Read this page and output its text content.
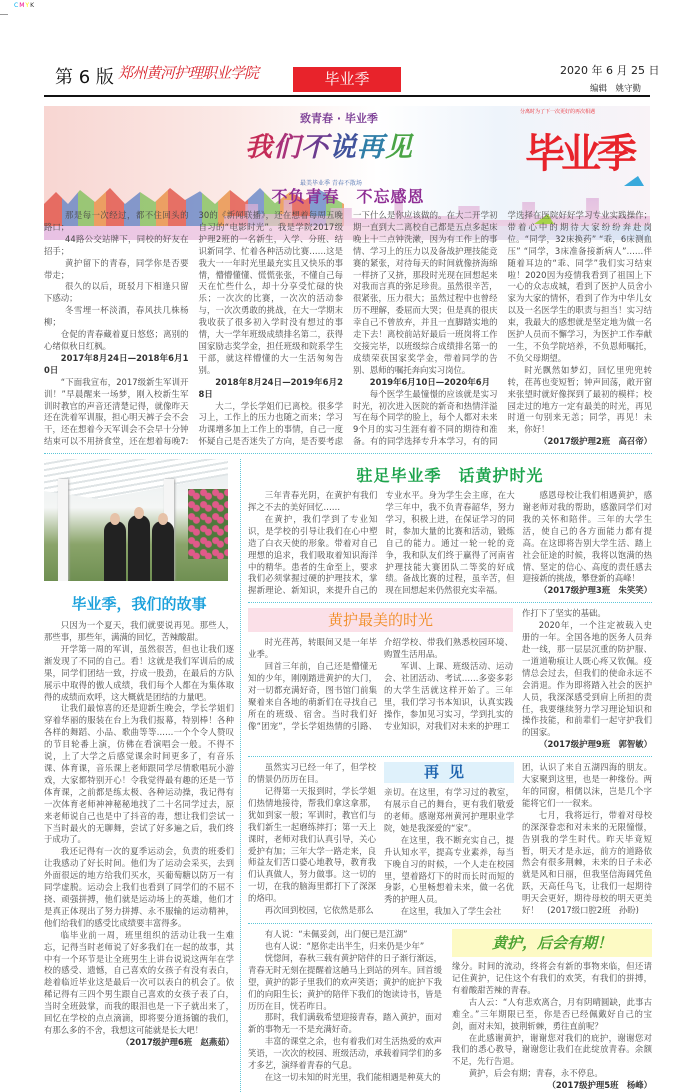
CMYK
第 6 版 郑州黄河护理职业学院	毕业季	2020 年 6 月 25 日
编辑　姚守勤
致青春 · 毕业季
我们不说再见
最美毕业季 青春不散场
分离时为了下一次更好的再次相遇
毕业季
不负青春　不忘感恩

那是每一次经过，都不住回头的路口；

44路公交站牌下，同校的好友在招手；

黄护留下的青春，同学你是否要带走；

很久的以后，斑驳月下相逢只留下感动；

冬雪埋一杯淡酒，春风扶几株杨柳；

仓促的青春藏着夏日悠悠；离别的心绪似秋日红枫。

2017年8月24日—2018年6月10日

“下面我宣布，2017级新生军训开训！”早晨醒来一场梦，刚入校新生军训时教官的声音还清楚记得，就像昨天还在洗着军训服，担心明天裤子会不会干，还在想着今天军训会不会早十分钟结束可以不用挤食堂，还在想着每晚7:30的《新闻联播》，还在想着每周五晚自习的“电影时光”。我是学院2017级护理2班的一名新生，入学、分班、结识新同学、忙着各种活动比赛……这是我大一一年时光里最充实且又快乐的事情，懵懵懂懂、慌慌张张，不懂自己每天在忙些什么，却十分享受忙碌的快乐；一次次的比赛，一次次的活动参与，一次次勇敢的挑战，在大一学期末我收获了很多初入学时没有想过的事情，大一学年班级成绩排名第二，获得国家励志奖学金，担任班级和院系学生干部，就这样懵懂的大一生活匆匆告别。

2018年8月24日—2019年6月28日

大二，学长学姐们已离校。很多学习上，工作上的压力也随之而来；学习功课增多加上工作上的事情，自己一度怀疑自己是否迷失了方向，是否要考虑一下什么是你应该做的。在大二开学初期一直到大二离校自己都是五点多起床晚上十二点钟洗漱，因为有工作上的事情、学习上的压力以及备战护理技能竞赛的紧张，对待每天的时间就像挤海绵一样挤了又挤，那段时光现在回想起来对我而言真的弥足珍贵。虽然很辛苦，很紧张，压力很大；虽然过程中也曾经历不理解，委屈而大哭；但是真的很庆幸自己不曾放弃，并且一直脚踏实地的走下去！离校前站好最后一班岗将工作交接完毕，以班级综合成绩排名第一的成绩荣获国家奖学金，带着同学的告别、恩师的嘱托奔向实习岗位。

2019年6月10日—2020年6月

每个医学生最憧憬的应该就是实习时光，初次进入医院的新奇和热情洋溢写在每个同学的脸上，每个人都对未来9个月的实习生涯有着不同的期待和准备。有的同学选择专升本学习，有的同学选择在医院好好学习专业实践操作；带着心中的期待大家纷纷奔赴岗位。“同学，32床换药” “乖，6床测血压” “同学，3床准备接新病人”……伴随着耳边的“乖、同学”我们实习结束啦！2020因为疫情我看到了祖国上下一心的众志成城，看到了医护人员舍小家为大家的情怀，看到了作为中华儿女以及一名医学生的职责与担当！实习结束，我最大的感想就是坚定地为做一名医护人员而不懈学习，为医护工作奉献一生，不负学院培养，不负恩师嘱托，不负父母期望。

时光飘然如梦幻，回忆里兜兜转转，荏苒也变短暂；钟声回荡，敞开窗来张望时就好像探到了最初的模样；校园走过的地方一定有最美的时光，再见时道一句别来无恙；同学，再见！未来，你好！

（2017级护理2班　高召帝）

毕业季，我们的故事

只因为一个夏天，我们就要说再见。那些人，那些事，那些年，满满的回忆，苦辣酸甜。

开学第一周的军训，虽然很苦，但也让我们逐渐发现了不同的自己。看！这就是我们军训后的成果，同学们团结一致，拧成一股劲，在最后的方队展示中取得的傲人成绩，我们每个人都在为集体取得的成绩而欢呼，这大概就是团结的力量吧。

让我们最惊喜的还是迎新生晚会，学长学姐们穿着华丽的服装在台上为我们报幕，特别棒！各种各样的舞蹈、小品、歌曲等等……一个个令人赞叹的节目轮番上演，仿佛在看演唱会一般。不得不说，上了大学之后感觉课余时间更多了，有音乐课、体育课，音乐课上老师跟同学尽情歌唱玩小游戏，大家都特别开心！令我觉得最有趣的还是一节体育课，之前都是练太极、各种运动操，我记得有一次体育老师神神秘秘地找了二十名同学过去，原来老师说自己也是中了抖音的毒，想让我们尝试一下当时最火的无聊舞，尝试了好多遍之后，我们终于成功了。

我还记得有一次的夏季运动会，负责的班委们让我感动了好长时间。他们为了运动会采买，去到外面很远的地方给我们买水，买葡萄糖以防万一有同学虚脱。运动会上我们也看到了同学们的不屈不挠、顽强拼搏，他们就是运动场上的英雄，他们才是真正体现出了努力拼搏、永不服输的运动精神，他们给我们的感受比成绩要丰富得多。

临毕业前一周，班里组织的活动让我一生难忘，记得当时老师说了好多我们在一起的故事，其中有一个环节是让全班男生上讲台说说这两年在学校的感受、遗憾，自己喜欢的女孩子有没有表白，趁着临近毕业这是最后一次可以表白的机会了。依稀记得有三四个男生跟自己喜欢的女孩子表了白，当时全班鼓掌，而我的眼泪也是一下子就出来了，回忆在学校的点点滴滴，即将要分道扬镳的我们，有那么多的不舍，我想这可能就是长大吧！

（2017级护理6班　赵燕茹）

驻足毕业季　话黄护时光

三年青春光阴，在黄护有我们挥之不去的美好回忆……

在黄护，我们学到了专业知识，是学校的引导让我们在心中塑造了白衣天使的形象。带着对自己理想的追求，我们吸取着知识海洋中的精华。患者的生命至上，要求我们必须掌握过硬的护理技术，掌握新理论、新知识，来提升自己的专业水平。身为学生会主席，在大学三年中，我不负青春韶华，努力学习，积极上进，在保证学习的同时，参加大量的比赛和活动，锻炼自己的能力。通过一轮一轮的竞争，我和队友们终于赢得了河南省护理技能大赛团队二等奖的好成绩。备战比赛的过程，虽辛苦，但现在回想起来仍然很充实幸福。

感恩母校让我们相遇黄护，感谢老师对我的帮助，感激同学们对我的关怀和陪伴。三年的大学生活，使自己的各方面能力都有提高。在这即将告别大学生活、踏上社会征途的时候，我将以饱满的热情、坚定的信心、高度的责任感去迎接新的挑战，攀登新的高峰！

（2017级护理3班　朱笑笑）

黄护最美的时光

时光荏苒，转眼间又是一年毕业季。

回首三年前，自己还是懵懂无知的少年，刚刚踏进黄护的大门，对一切都充满好奇，图书馆门前集聚着来自各地的萌新们在寻找自己所在的班级、宿舍。当时我们好像“团宠”，学长学姐热情的引路、介绍学校、带我们熟悉校园环境、购置生活用品。

军训、上课、班级活动、运动会、社团活动、考试……多姿多彩的大学生活就这样开始了。三年里，我们学习书本知识，认真实践操作，参加见习实习，学到扎实的专业知识，对我们对未来的护理工

作打下了坚实的基础。

2020年，一个注定被载入史册的一年。全国各地的医务人员奔赴一线，那一层层沉重的防护服、一道道勒痕让人既心疼又钦佩。疫情总会过去，但我们的使命永远不会消退。作为即将踏入社会的医护人员，我深深感受到肩上所担的责任，我要继续努力学习理论知识和操作技能，和前辈们一起守护我们的国家。

（2017级护理9班　郭智敏）

虽然实习已经一年了，但学校的情景仍历历在目。

记得第一天报到时，学长学姐们热情地接待，帮我们拿这拿那，犹如到家一般；军训时，教官们与我们新生一起磨练摔打；第一天上课时，老师对我们认真引导，关心爱护有加；三年大学一路走来，良师益友们苦口婆心地教导，教育我们认真做人，努力做事。这一切的一切，在我的脑海里都打下了深深的烙印。

再次回到校园，它依然是那么

再见

亲切。在这里，有学习过的教室，有展示自己的舞台，更有我们敬爱的老师。感谢郑州黄河护理职业学院，她是我深爱的“家”。

在这里，我不断充实自己，提升认知水平，提高专业素养，每当下晚自习的时候，一个人走在校园里，望着路灯下的时而长时而短的身影，心里畅想着未来，做一名优秀的护理人员。

在这里，我加入了学生会社

团，认识了来自五湖四海的朋友。大家聚到这里，也是一种缘份。两年的同窗，相儒以沫，岂是几个字能将它们一一叙来。

七月，我将远行，带着对母校的深深眷恋和对未来的无限憧憬，告别我的学生时代。昨天毕竟短暂，明天才是永远，前方的道路依然会有很多荆棘，未来的日子未必就是风和日丽，但我坚信海阔凭鱼跃，天高任鸟飞，让我们一起期待明天会更好，期待母校的明天更美好！　(2017级口腔2班　孙盼)

有人说：“未佩妥剑，出门便已是江湖”

也有人说：“愿你走出半生，归来仍是少年”

恍惚间，春秋三载有黄护陪伴的日子渐行渐远，青春无时无刻在提醒着这趟马上到站的列车。回首缓望，黄护的影子里我们的欢声笑语；黄护的庇护下我们的向阳生长；黄护的陪伴下我们的饱读诗书，皆是历历在目，恍若昨日。

那时，我们满载希望迎接青春，踏入黄护，面对新的事物无一不是充满好奇。

丰富的课堂之余，也有着我们对生活热爱的欢声笑语，一次次的校园、班级活动，承载着同学们的多才多艺，演绎着青春的气息。

在这一切未知的时光里，我们能相遇是种莫大的

黄护，后会有期！

缘分。时间的流动，终将会有新的事物来临，但还请记住黄护，记住这个有我们的欢笑，有我们的拼搏，有着酸甜苦辣的青春。

古人云：“人有悲欢离合，月有阴晴圆缺，此事古难全。”三年期限已至，你是否已经佩戴好自己的宝剑，面对未知，披荆斩棘，勇往直前呢？

在此感谢黄护，谢谢您对我们的庇护，谢谢您对我们的悉心教导，谢谢您让我们在此绽放青春。余额不足，先行告退。

黄护，后会有期；青春，永不停息。

（2017级护理5班　杨峰）
